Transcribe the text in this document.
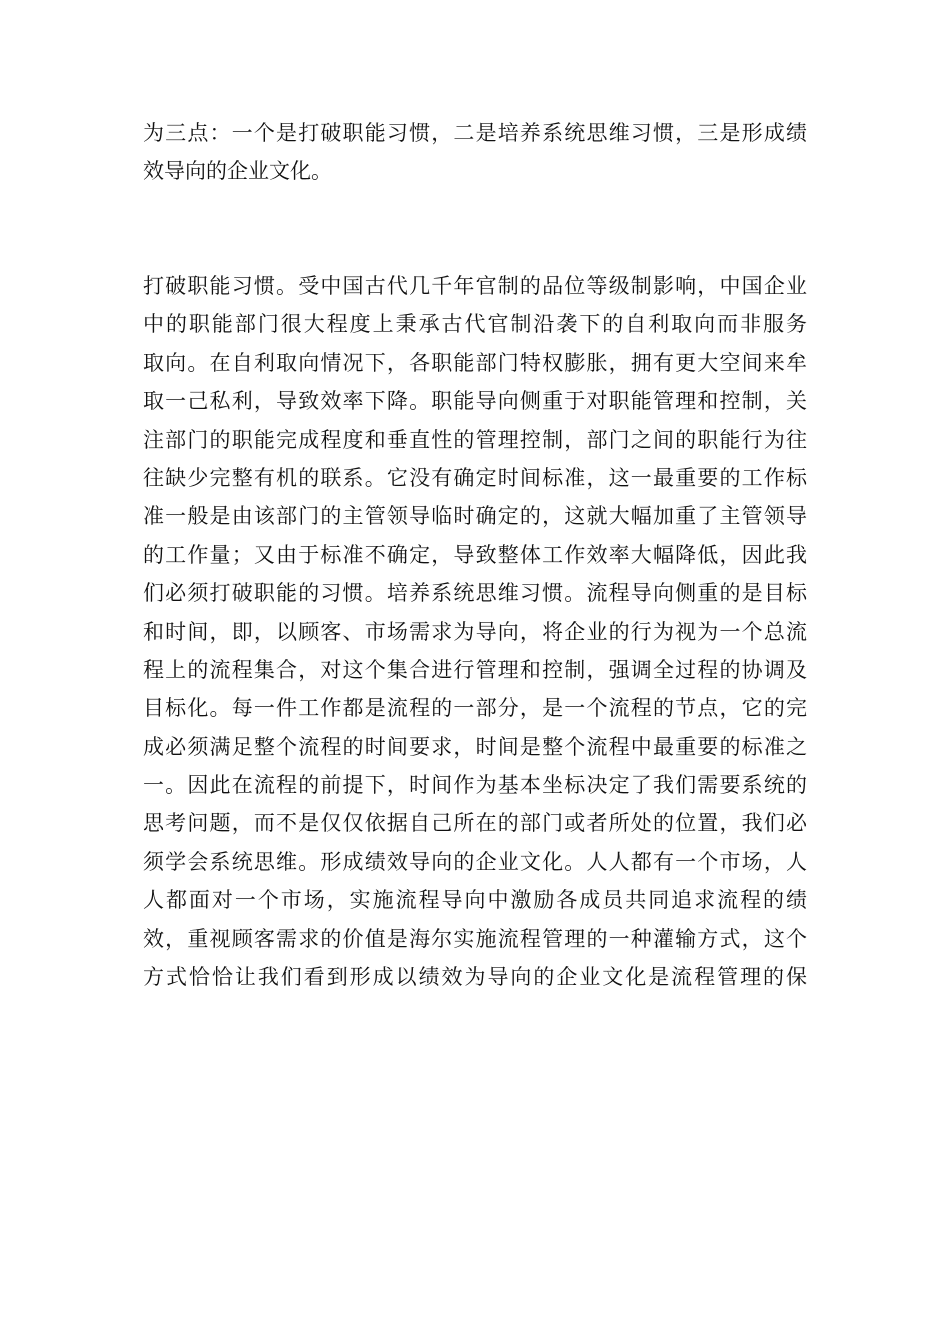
为三点：一个是打破职能习惯，二是培养系统思维习惯，三是形成绩
效导向的企业文化。
打破职能习惯。受中国古代几千年官制的品位等级制影响，中国企业
中的职能部门很大程度上秉承古代官制沿袭下的自利取向而非服务
取向。在自利取向情况下，各职能部门特权膨胀，拥有更大空间来牟
取一己私利，导致效率下降。职能导向侧重于对职能管理和控制，关
注部门的职能完成程度和垂直性的管理控制，部门之间的职能行为往
往缺少完整有机的联系。它没有确定时间标准，这一最重要的工作标
准一般是由该部门的主管领导临时确定的，这就大幅加重了主管领导
的工作量；又由于标准不确定，导致整体工作效率大幅降低，因此我
们必须打破职能的习惯。培养系统思维习惯。流程导向侧重的是目标
和时间，即，以顾客、市场需求为导向，将企业的行为视为一个总流
程上的流程集合，对这个集合进行管理和控制，强调全过程的协调及
目标化。每一件工作都是流程的一部分，是一个流程的节点，它的完
成必须满足整个流程的时间要求，时间是整个流程中最重要的标准之
一。因此在流程的前提下，时间作为基本坐标决定了我们需要系统的
思考问题，而不是仅仅依据自己所在的部门或者所处的位置，我们必
须学会系统思维。形成绩效导向的企业文化。人人都有一个市场，人
人都面对一个市场，实施流程导向中激励各成员共同追求流程的绩
效，重视顾客需求的价值是海尔实施流程管理的一种灌输方式，这个
方式恰恰让我们看到形成以绩效为导向的企业文化是流程管理的保
